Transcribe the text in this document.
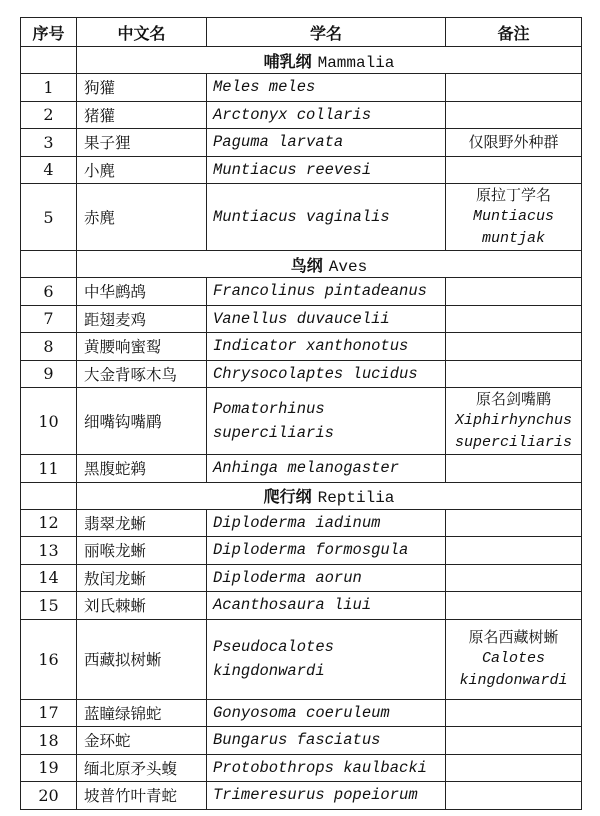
序号	中文名	学名	备注
	哺乳纲 Mammalia		
1	狗獾	Meles meles	
2	猪獾	Arctonyx collaris	
3	果子狸	Paguma larvata	仅限野外种群

4	小麂	Muntiacus reevesi	
5	赤麂	Muntiacus vaginalis	原拉丁学名
Muntiacus
muntjak

	鸟纲 Aves		
6	中华鹧鸪	Francolinus pintadeanus	
7	距翅麦鸡	Vanellus duvaucelii	
8	黄腰响蜜䴕	Indicator xanthonotus	
9	大金背啄木鸟	Chrysocolaptes lucidus	
10	细嘴钩嘴鹛	Pomatorhinus superciliaris	原名剑嘴鹛
Xiphirhynchus
superciliaris

11	黑腹蛇鹈	Anhinga melanogaster	
	爬行纲 Reptilia		
12	翡翠龙蜥	Diploderma iadinum	
13	丽喉龙蜥	Diploderma formosgula	
14	敖闰龙蜥	Diploderma aorun	
15	刘氏棘蜥	Acanthosaura liui	
16	西藏拟树蜥	Pseudocalotes kingdonwardi	原名西藏树蜥
Calotes
kingdonwardi

17	蓝瞳绿锦蛇	Gonyosoma coeruleum	
18	金环蛇	Bungarus fasciatus	
19	缅北原矛头蝮	Protobothrops kaulbacki	
20	坡普竹叶青蛇	Trimeresurus popeiorum	
